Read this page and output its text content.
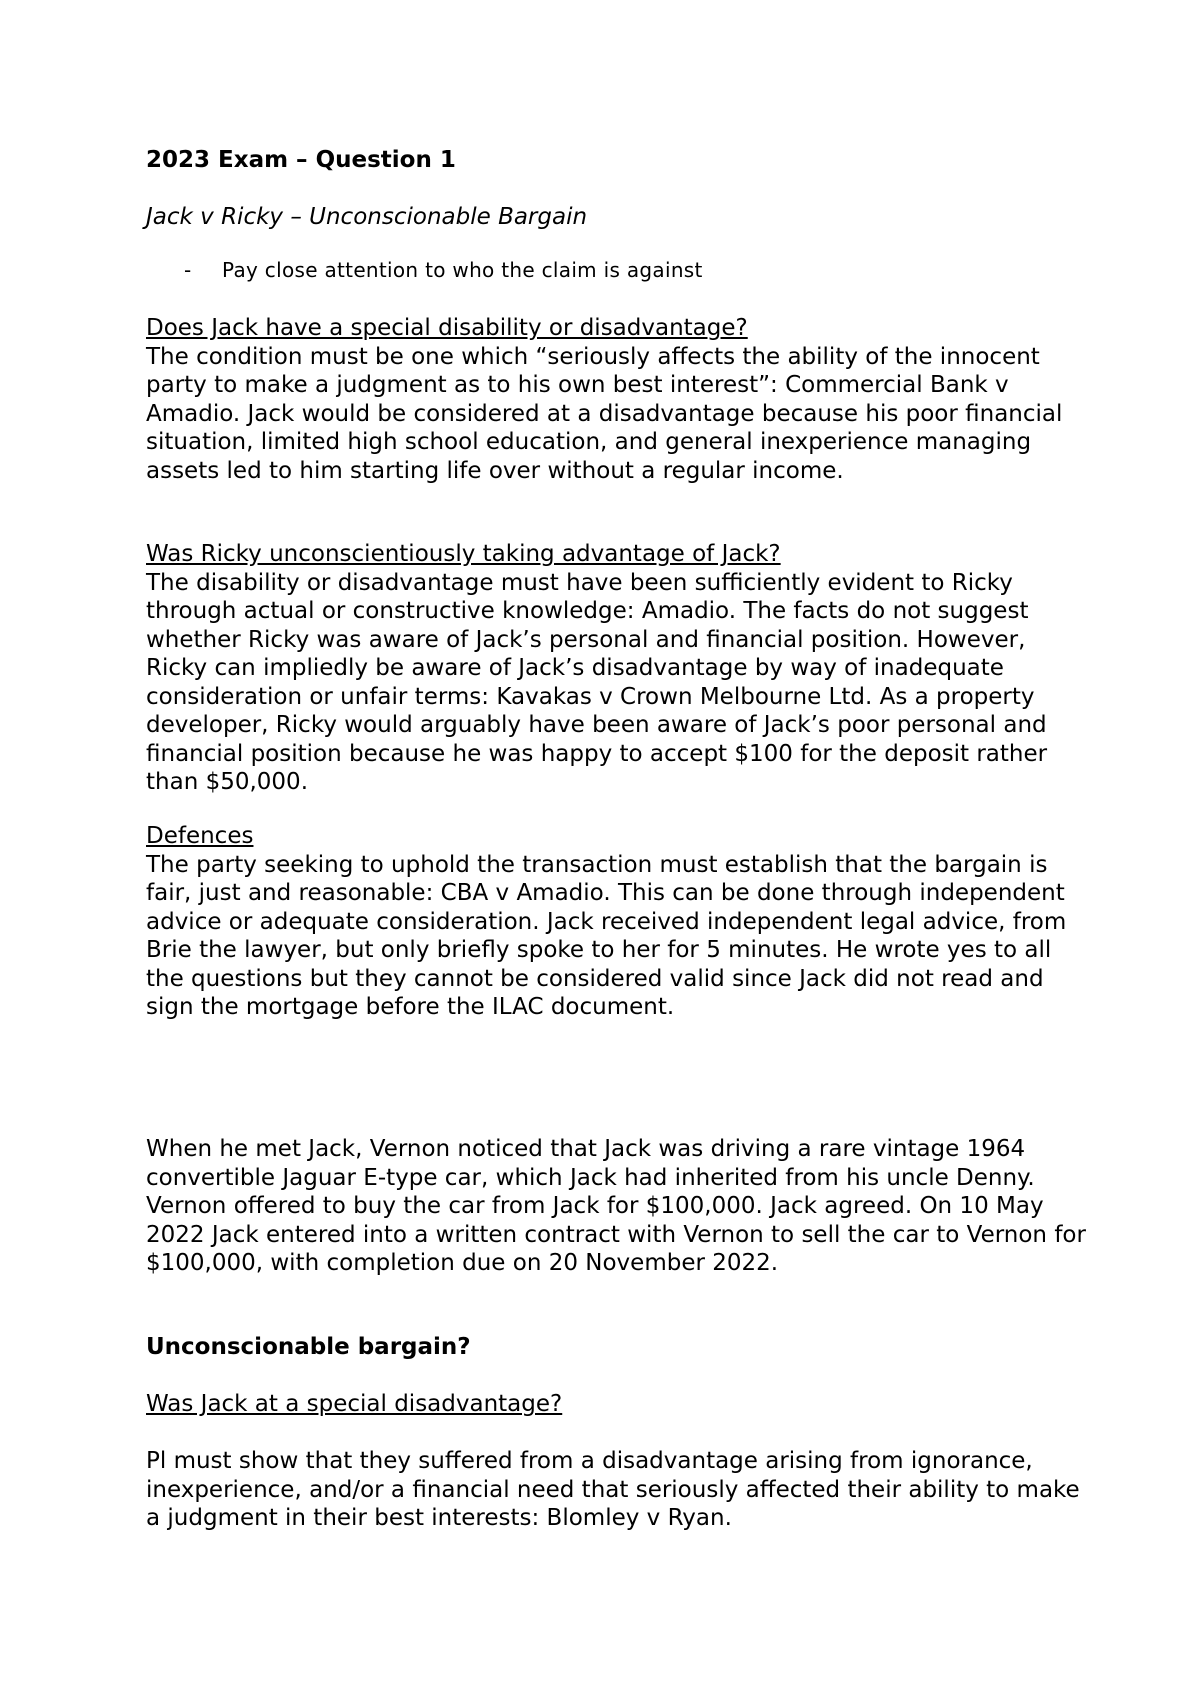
2023 Exam – Question 1
Jack v Ricky – Unconscionable Bargain
- Pay close attention to who the claim is against
Does Jack have a special disability or disadvantage?
The condition must be one which “seriously affects the ability of the innocent party to make a judgment as to his own best interest”: Commercial Bank v Amadio. Jack would be considered at a disadvantage because his poor financial situation, limited high school education, and general inexperience managing assets led to him starting life over without a regular income.
Was Ricky unconscientiously taking advantage of Jack?
The disability or disadvantage must have been sufficiently evident to Ricky through actual or constructive knowledge: Amadio. The facts do not suggest whether Ricky was aware of Jack’s personal and financial position. However, Ricky can impliedly be aware of Jack’s disadvantage by way of inadequate consideration or unfair terms: Kavakas v Crown Melbourne Ltd. As a property developer, Ricky would arguably have been aware of Jack’s poor personal and financial position because he was happy to accept $100 for the deposit rather than $50,000.
Defences
The party seeking to uphold the transaction must establish that the bargain is fair, just and reasonable: CBA v Amadio. This can be done through independent advice or adequate consideration. Jack received independent legal advice, from Brie the lawyer, but only briefly spoke to her for 5 minutes. He wrote yes to all the questions but they cannot be considered valid since Jack did not read and sign the mortgage before the ILAC document.
When he met Jack, Vernon noticed that Jack was driving a rare vintage 1964 convertible Jaguar E-type car, which Jack had inherited from his uncle Denny. Vernon offered to buy the car from Jack for $100,000. Jack agreed. On 10 May 2022 Jack entered into a written contract with Vernon to sell the car to Vernon for $100,000, with completion due on 20 November 2022.
Unconscionable bargain?
Was Jack at a special disadvantage?
Pl must show that they suffered from a disadvantage arising from ignorance, inexperience, and/or a financial need that seriously affected their ability to make a judgment in their best interests: Blomley v Ryan.
